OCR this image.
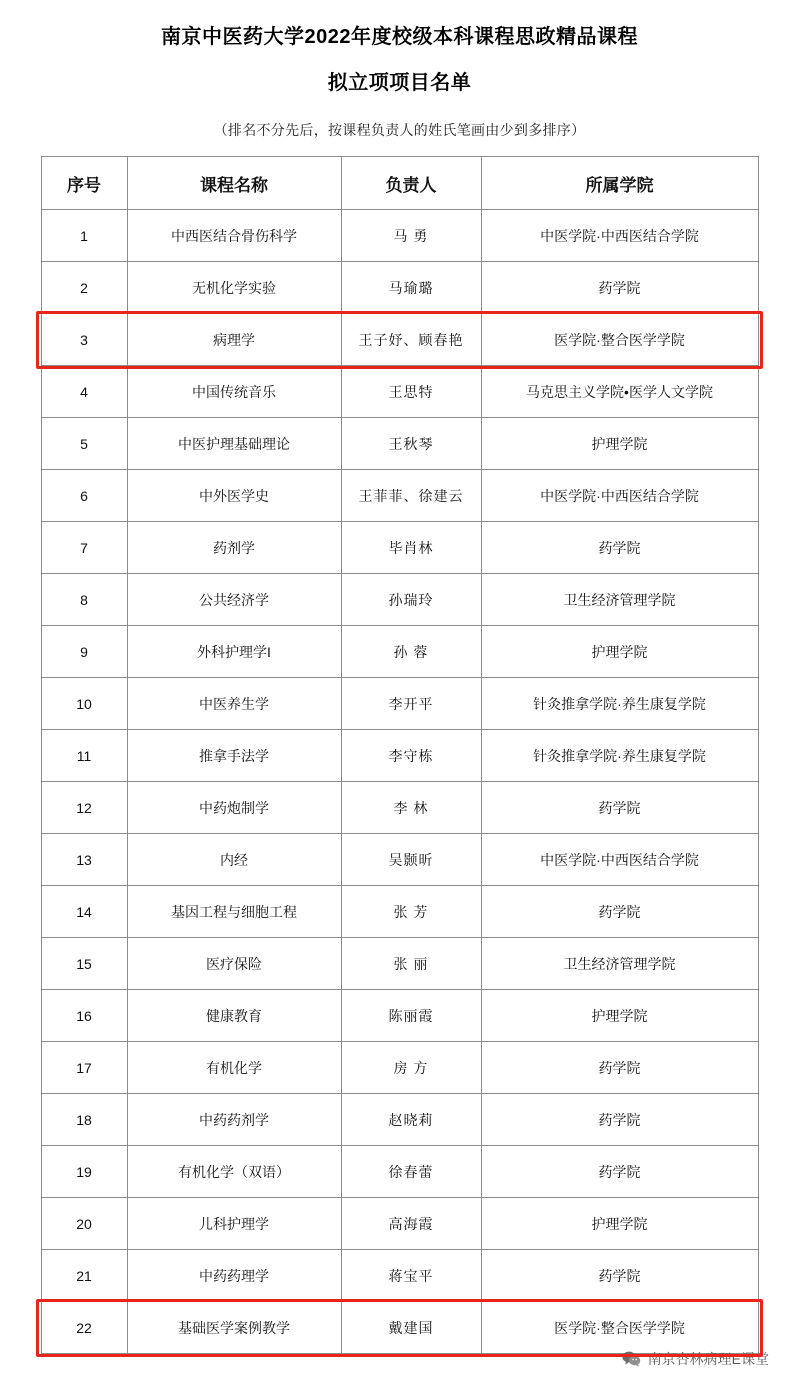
南京中医药大学2022年度校级本科课程思政精品课程
拟立项项目名单
（排名不分先后，按课程负责人的姓氏笔画由少到多排序）
序号	课程名称	负责人	所属学院
1	中西医结合骨伤科学	马 勇	中医学院·中西医结合学院
2	无机化学实验	马瑜璐	药学院
3	病理学	王子妤、顾春艳	医学院·整合医学学院
4	中国传统音乐	王思特	马克思主义学院•医学人文学院
5	中医护理基础理论	王秋琴	护理学院
6	中外医学史	王菲菲、徐建云	中医学院·中西医结合学院
7	药剂学	毕肖林	药学院
8	公共经济学	孙瑞玲	卫生经济管理学院
9	外科护理学I	孙 蓉	护理学院
10	中医养生学	李开平	针灸推拿学院·养生康复学院
11	推拿手法学	李守栋	针灸推拿学院·养生康复学院
12	中药炮制学	李 林	药学院
13	内经	吴颢昕	中医学院·中西医结合学院
14	基因工程与细胞工程	张 芳	药学院
15	医疗保险	张 丽	卫生经济管理学院
16	健康教育	陈丽霞	护理学院
17	有机化学	房 方	药学院
18	中药药剂学	赵晓莉	药学院
19	有机化学（双语）	徐春蕾	药学院
20	儿科护理学	高海霞	护理学院
21	中药药理学	蒋宝平	药学院
22	基础医学案例教学	戴建国	医学院·整合医学学院
南京杏林病理E课堂
